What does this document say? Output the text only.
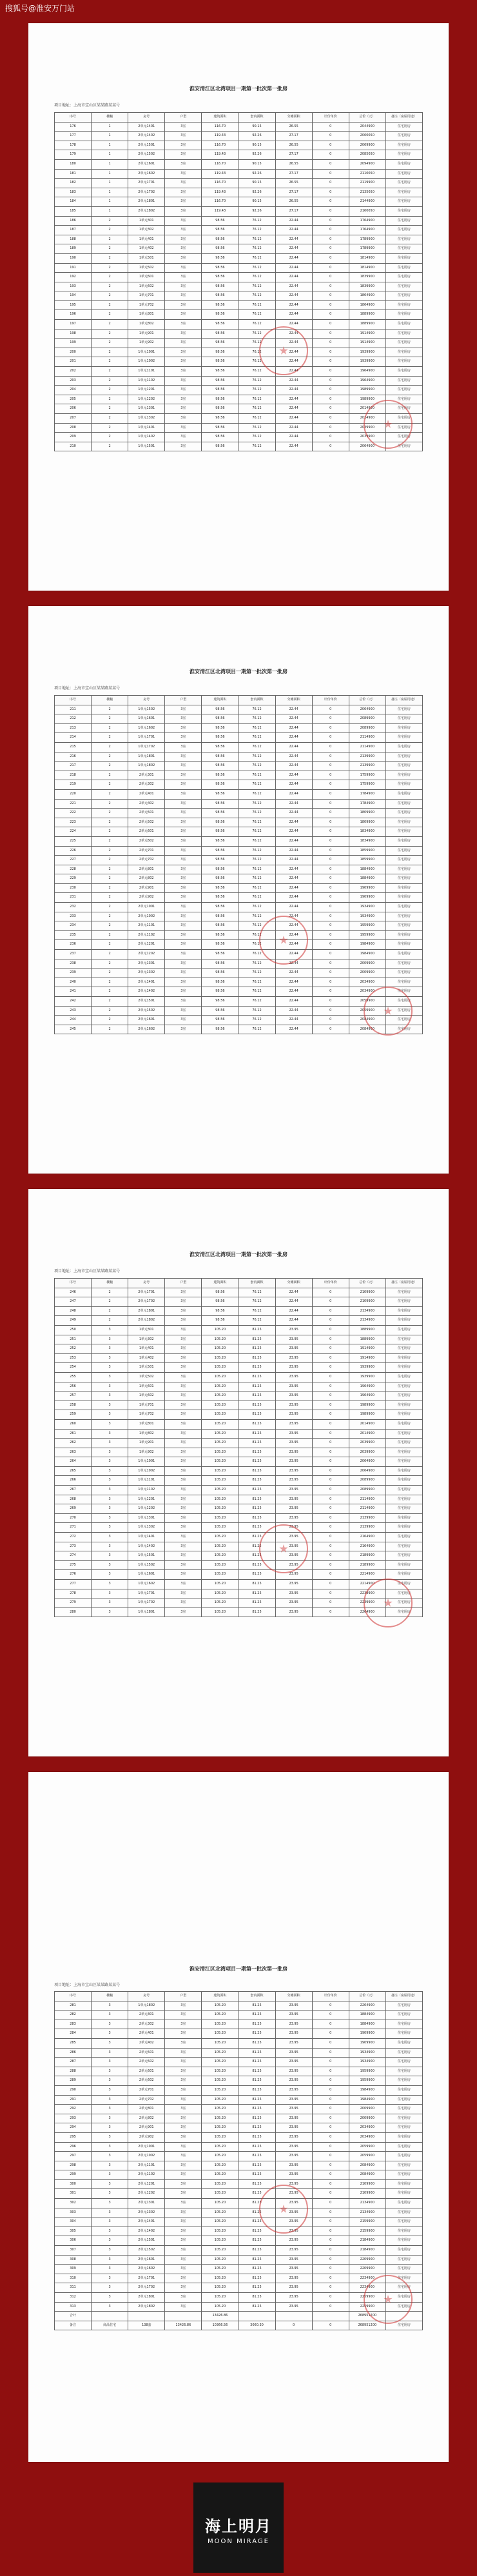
搜狐号@淮安万门站
淮安清江区北湾项目一期第一批次第一批房
项目地址：上海市宝山区某某路某某号
序号	楼幢	房号	户型	建筑面积	套内面积	分摊面积	计价单价	总价（元）	备注（房屋用途）
176	1	2单元1401	3室	116.70	90.15	26.55	0	2044900	住宅用房
177	1	2单元1402	3室	119.43	92.26	27.17	0	2060050	住宅用房
178	1	2单元1501	3室	116.70	90.15	26.55	0	2069900	住宅用房
179	1	2单元1502	3室	119.43	92.26	27.17	0	2085050	住宅用房
180	1	2单元1601	3室	116.70	90.15	26.55	0	2094900	住宅用房
181	1	2单元1602	3室	119.43	92.26	27.17	0	2110050	住宅用房
182	1	2单元1701	3室	116.70	90.15	26.55	0	2119900	住宅用房
183	1	2单元1702	3室	119.43	92.26	27.17	0	2135050	住宅用房
184	1	2单元1801	3室	116.70	90.15	26.55	0	2144900	住宅用房
185	1	2单元1802	3室	119.43	92.26	27.17	0	2160050	住宅用房
186	2	1单元301	3室	98.56	76.12	22.44	0	1764900	住宅用房
187	2	1单元302	3室	98.56	76.12	22.44	0	1764900	住宅用房
188	2	1单元401	3室	98.56	76.12	22.44	0	1789900	住宅用房
189	2	1单元402	3室	98.56	76.12	22.44	0	1789900	住宅用房
190	2	1单元501	3室	98.56	76.12	22.44	0	1814900	住宅用房
191	2	1单元502	3室	98.56	76.12	22.44	0	1814900	住宅用房
192	2	1单元601	3室	98.56	76.12	22.44	0	1839900	住宅用房
193	2	1单元602	3室	98.56	76.12	22.44	0	1839900	住宅用房
194	2	1单元701	3室	98.56	76.12	22.44	0	1864900	住宅用房
195	2	1单元702	3室	98.56	76.12	22.44	0	1864900	住宅用房
196	2	1单元801	3室	98.56	76.12	22.44	0	1889900	住宅用房
197	2	1单元802	3室	98.56	76.12	22.44	0	1889900	住宅用房
198	2	1单元901	3室	98.56	76.12	22.44	0	1914900	住宅用房
199	2	1单元902	3室	98.56	76.12	22.44	0	1914900	住宅用房
200	2	1单元1001	3室	98.56	76.12	22.44	0	1939900	住宅用房
201	2	1单元1002	3室	98.56	76.12	22.44	0	1939900	住宅用房
202	2	1单元1101	3室	98.56	76.12	22.44	0	1964900	住宅用房
203	2	1单元1102	3室	98.56	76.12	22.44	0	1964900	住宅用房
204	2	1单元1201	3室	98.56	76.12	22.44	0	1989900	住宅用房
205	2	1单元1202	3室	98.56	76.12	22.44	0	1989900	住宅用房
206	2	1单元1301	3室	98.56	76.12	22.44	0	2014900	住宅用房
207	2	1单元1302	3室	98.56	76.12	22.44	0	2014900	住宅用房
208	2	1单元1401	3室	98.56	76.12	22.44	0	2039900	住宅用房
209	2	1单元1402	3室	98.56	76.12	22.44	0	2039900	住宅用房
210	2	1单元1501	3室	98.56	76.12	22.44	0	2064900	住宅用房
淮安清江区北湾项目一期第一批次第一批房
项目地址：上海市宝山区某某路某某号
序号	楼幢	房号	户型	建筑面积	套内面积	分摊面积	计价单价	总价（元）	备注（房屋用途）
211	2	1单元1502	3室	98.56	76.12	22.44	0	2064900	住宅用房
212	2	1单元1601	3室	98.56	76.12	22.44	0	2089900	住宅用房
213	2	1单元1602	3室	98.56	76.12	22.44	0	2089900	住宅用房
214	2	1单元1701	3室	98.56	76.12	22.44	0	2114900	住宅用房
215	2	1单元1702	3室	98.56	76.12	22.44	0	2114900	住宅用房
216	2	1单元1801	3室	98.56	76.12	22.44	0	2139900	住宅用房
217	2	1单元1802	3室	98.56	76.12	22.44	0	2139900	住宅用房
218	2	2单元301	3室	98.56	76.12	22.44	0	1759900	住宅用房
219	2	2单元302	3室	98.56	76.12	22.44	0	1759900	住宅用房
220	2	2单元401	3室	98.56	76.12	22.44	0	1784900	住宅用房
221	2	2单元402	3室	98.56	76.12	22.44	0	1784900	住宅用房
222	2	2单元501	3室	98.56	76.12	22.44	0	1809900	住宅用房
223	2	2单元502	3室	98.56	76.12	22.44	0	1809900	住宅用房
224	2	2单元601	3室	98.56	76.12	22.44	0	1834900	住宅用房
225	2	2单元602	3室	98.56	76.12	22.44	0	1834900	住宅用房
226	2	2单元701	3室	98.56	76.12	22.44	0	1859900	住宅用房
227	2	2单元702	3室	98.56	76.12	22.44	0	1859900	住宅用房
228	2	2单元801	3室	98.56	76.12	22.44	0	1884900	住宅用房
229	2	2单元802	3室	98.56	76.12	22.44	0	1884900	住宅用房
230	2	2单元901	3室	98.56	76.12	22.44	0	1909900	住宅用房
231	2	2单元902	3室	98.56	76.12	22.44	0	1909900	住宅用房
232	2	2单元1001	3室	98.56	76.12	22.44	0	1934900	住宅用房
233	2	2单元1002	3室	98.56	76.12	22.44	0	1934900	住宅用房
234	2	2单元1101	3室	98.56	76.12	22.44	0	1959900	住宅用房
235	2	2单元1102	3室	98.56	76.12	22.44	0	1959900	住宅用房
236	2	2单元1201	3室	98.56	76.12	22.44	0	1984900	住宅用房
237	2	2单元1202	3室	98.56	76.12	22.44	0	1984900	住宅用房
238	2	2单元1301	3室	98.56	76.12	22.44	0	2009900	住宅用房
239	2	2单元1302	3室	98.56	76.12	22.44	0	2009900	住宅用房
240	2	2单元1401	3室	98.56	76.12	22.44	0	2034900	住宅用房
241	2	2单元1402	3室	98.56	76.12	22.44	0	2034900	住宅用房
242	2	2单元1501	3室	98.56	76.12	22.44	0	2059900	住宅用房
243	2	2单元1502	3室	98.56	76.12	22.44	0	2059900	住宅用房
244	2	2单元1601	3室	98.56	76.12	22.44	0	2084900	住宅用房
245	2	2单元1602	3室	98.56	76.12	22.44	0	2084900	住宅用房
淮安清江区北湾项目一期第一批次第一批房
项目地址：上海市宝山区某某路某某号
序号	楼幢	房号	户型	建筑面积	套内面积	分摊面积	计价单价	总价（元）	备注（房屋用途）
246	2	2单元1701	3室	98.56	76.12	22.44	0	2109900	住宅用房
247	2	2单元1702	3室	98.56	76.12	22.44	0	2109900	住宅用房
248	2	2单元1801	3室	98.56	76.12	22.44	0	2134900	住宅用房
249	2	2单元1802	3室	98.56	76.12	22.44	0	2134900	住宅用房
250	3	1单元301	3室	105.20	81.25	23.95	0	1889900	住宅用房
251	3	1单元302	3室	105.20	81.25	23.95	0	1889900	住宅用房
252	3	1单元401	3室	105.20	81.25	23.95	0	1914900	住宅用房
253	3	1单元402	3室	105.20	81.25	23.95	0	1914900	住宅用房
254	3	1单元501	3室	105.20	81.25	23.95	0	1939900	住宅用房
255	3	1单元502	3室	105.20	81.25	23.95	0	1939900	住宅用房
256	3	1单元601	3室	105.20	81.25	23.95	0	1964900	住宅用房
257	3	1单元602	3室	105.20	81.25	23.95	0	1964900	住宅用房
258	3	1单元701	3室	105.20	81.25	23.95	0	1989900	住宅用房
259	3	1单元702	3室	105.20	81.25	23.95	0	1989900	住宅用房
260	3	1单元801	3室	105.20	81.25	23.95	0	2014900	住宅用房
261	3	1单元802	3室	105.20	81.25	23.95	0	2014900	住宅用房
262	3	1单元901	3室	105.20	81.25	23.95	0	2039900	住宅用房
263	3	1单元902	3室	105.20	81.25	23.95	0	2039900	住宅用房
264	3	1单元1001	3室	105.20	81.25	23.95	0	2064900	住宅用房
265	3	1单元1002	3室	105.20	81.25	23.95	0	2064900	住宅用房
266	3	1单元1101	3室	105.20	81.25	23.95	0	2089900	住宅用房
267	3	1单元1102	3室	105.20	81.25	23.95	0	2089900	住宅用房
268	3	1单元1201	3室	105.20	81.25	23.95	0	2114900	住宅用房
269	3	1单元1202	3室	105.20	81.25	23.95	0	2114900	住宅用房
270	3	1单元1301	3室	105.20	81.25	23.95	0	2139900	住宅用房
271	3	1单元1302	3室	105.20	81.25	23.95	0	2139900	住宅用房
272	3	1单元1401	3室	105.20	81.25	23.95	0	2164900	住宅用房
273	3	1单元1402	3室	105.20	81.25	23.95	0	2164900	住宅用房
274	3	1单元1501	3室	105.20	81.25	23.95	0	2189900	住宅用房
275	3	1单元1502	3室	105.20	81.25	23.95	0	2189900	住宅用房
276	3	1单元1601	3室	105.20	81.25	23.95	0	2214900	住宅用房
277	3	1单元1602	3室	105.20	81.25	23.95	0	2214900	住宅用房
278	3	1单元1701	3室	105.20	81.25	23.95	0	2239900	住宅用房
279	3	1单元1702	3室	105.20	81.25	23.95	0	2239900	住宅用房
280	3	1单元1801	3室	105.20	81.25	23.95	0	2264900	住宅用房
淮安清江区北湾项目一期第一批次第一批房
项目地址：上海市宝山区某某路某某号
序号	楼幢	房号	户型	建筑面积	套内面积	分摊面积	计价单价	总价（元）	备注（房屋用途）
281	3	1单元1802	3室	105.20	81.25	23.95	0	2264900	住宅用房
282	3	2单元301	3室	105.20	81.25	23.95	0	1884900	住宅用房
283	3	2单元302	3室	105.20	81.25	23.95	0	1884900	住宅用房
284	3	2单元401	3室	105.20	81.25	23.95	0	1909900	住宅用房
285	3	2单元402	3室	105.20	81.25	23.95	0	1909900	住宅用房
286	3	2单元501	3室	105.20	81.25	23.95	0	1934900	住宅用房
287	3	2单元502	3室	105.20	81.25	23.95	0	1934900	住宅用房
288	3	2单元601	3室	105.20	81.25	23.95	0	1959900	住宅用房
289	3	2单元602	3室	105.20	81.25	23.95	0	1959900	住宅用房
290	3	2单元701	3室	105.20	81.25	23.95	0	1984900	住宅用房
291	3	2单元702	3室	105.20	81.25	23.95	0	1984900	住宅用房
292	3	2单元801	3室	105.20	81.25	23.95	0	2009900	住宅用房
293	3	2单元802	3室	105.20	81.25	23.95	0	2009900	住宅用房
294	3	2单元901	3室	105.20	81.25	23.95	0	2034900	住宅用房
295	3	2单元902	3室	105.20	81.25	23.95	0	2034900	住宅用房
296	3	2单元1001	3室	105.20	81.25	23.95	0	2059900	住宅用房
297	3	2单元1002	3室	105.20	81.25	23.95	0	2059900	住宅用房
298	3	2单元1101	3室	105.20	81.25	23.95	0	2084900	住宅用房
299	3	2单元1102	3室	105.20	81.25	23.95	0	2084900	住宅用房
300	3	2单元1201	3室	105.20	81.25	23.95	0	2109900	住宅用房
301	3	2单元1202	3室	105.20	81.25	23.95	0	2109900	住宅用房
302	3	2单元1301	3室	105.20	81.25	23.95	0	2134900	住宅用房
303	3	2单元1302	3室	105.20	81.25	23.95	0	2134900	住宅用房
304	3	2单元1401	3室	105.20	81.25	23.95	0	2159900	住宅用房
305	3	2单元1402	3室	105.20	81.25	23.95	0	2159900	住宅用房
306	3	2单元1501	3室	105.20	81.25	23.95	0	2184900	住宅用房
307	3	2单元1502	3室	105.20	81.25	23.95	0	2184900	住宅用房
308	3	2单元1601	3室	105.20	81.25	23.95	0	2209900	住宅用房
309	3	2单元1602	3室	105.20	81.25	23.95	0	2209900	住宅用房
310	3	2单元1701	3室	105.20	81.25	23.95	0	2234900	住宅用房
311	3	2单元1702	3室	105.20	81.25	23.95	0	2234900	住宅用房
312	3	2单元1801	3室	105.20	81.25	23.95	0	2259900	住宅用房
313	3	2单元1802	3室	105.20	81.25	23.95	0	2259900	住宅用房
合计				13426.86				268951200	
备注	商品住宅	138套	13426.86	10366.56	3060.30	0	0	268951200	住宅用房
海上明月
MOON MIRAGE
